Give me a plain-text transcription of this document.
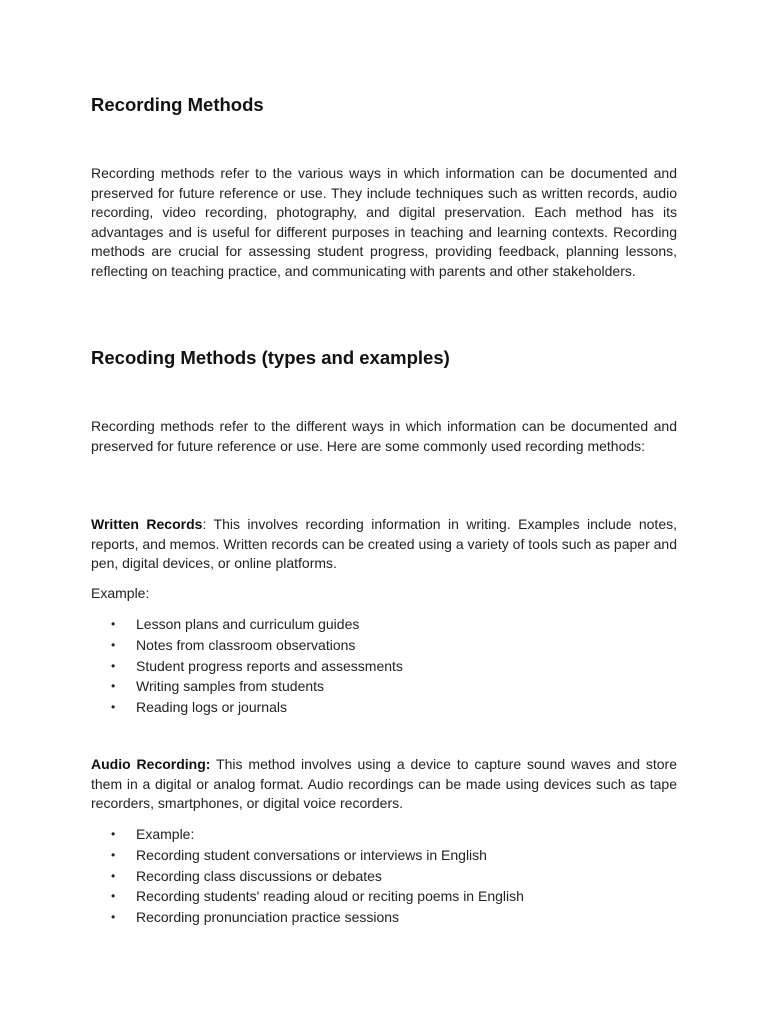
Recording Methods

Recording methods refer to the various ways in which information can be documented and preserved for future reference or use. They include techniques such as written records, audio recording, video recording, photography, and digital preservation. Each method has its advantages and is useful for different purposes in teaching and learning contexts. Recording methods are crucial for assessing student progress, providing feedback, planning lessons, reflecting on teaching practice, and communicating with parents and other stakeholders.

Recoding Methods (types and examples)

Recording methods refer to the different ways in which information can be documented and preserved for future reference or use. Here are some commonly used recording methods:

Written Records: This involves recording information in writing. Examples include notes, reports, and memos. Written records can be created using a variety of tools such as paper and pen, digital devices, or online platforms.

Example:

• Lesson plans and curriculum guides
• Notes from classroom observations
• Student progress reports and assessments
• Writing samples from students
• Reading logs or journals

Audio Recording: This method involves using a device to capture sound waves and store them in a digital or analog format. Audio recordings can be made using devices such as tape recorders, smartphones, or digital voice recorders.

• Example:
• Recording student conversations or interviews in English
• Recording class discussions or debates
• Recording students' reading aloud or reciting poems in English
• Recording pronunciation practice sessions
